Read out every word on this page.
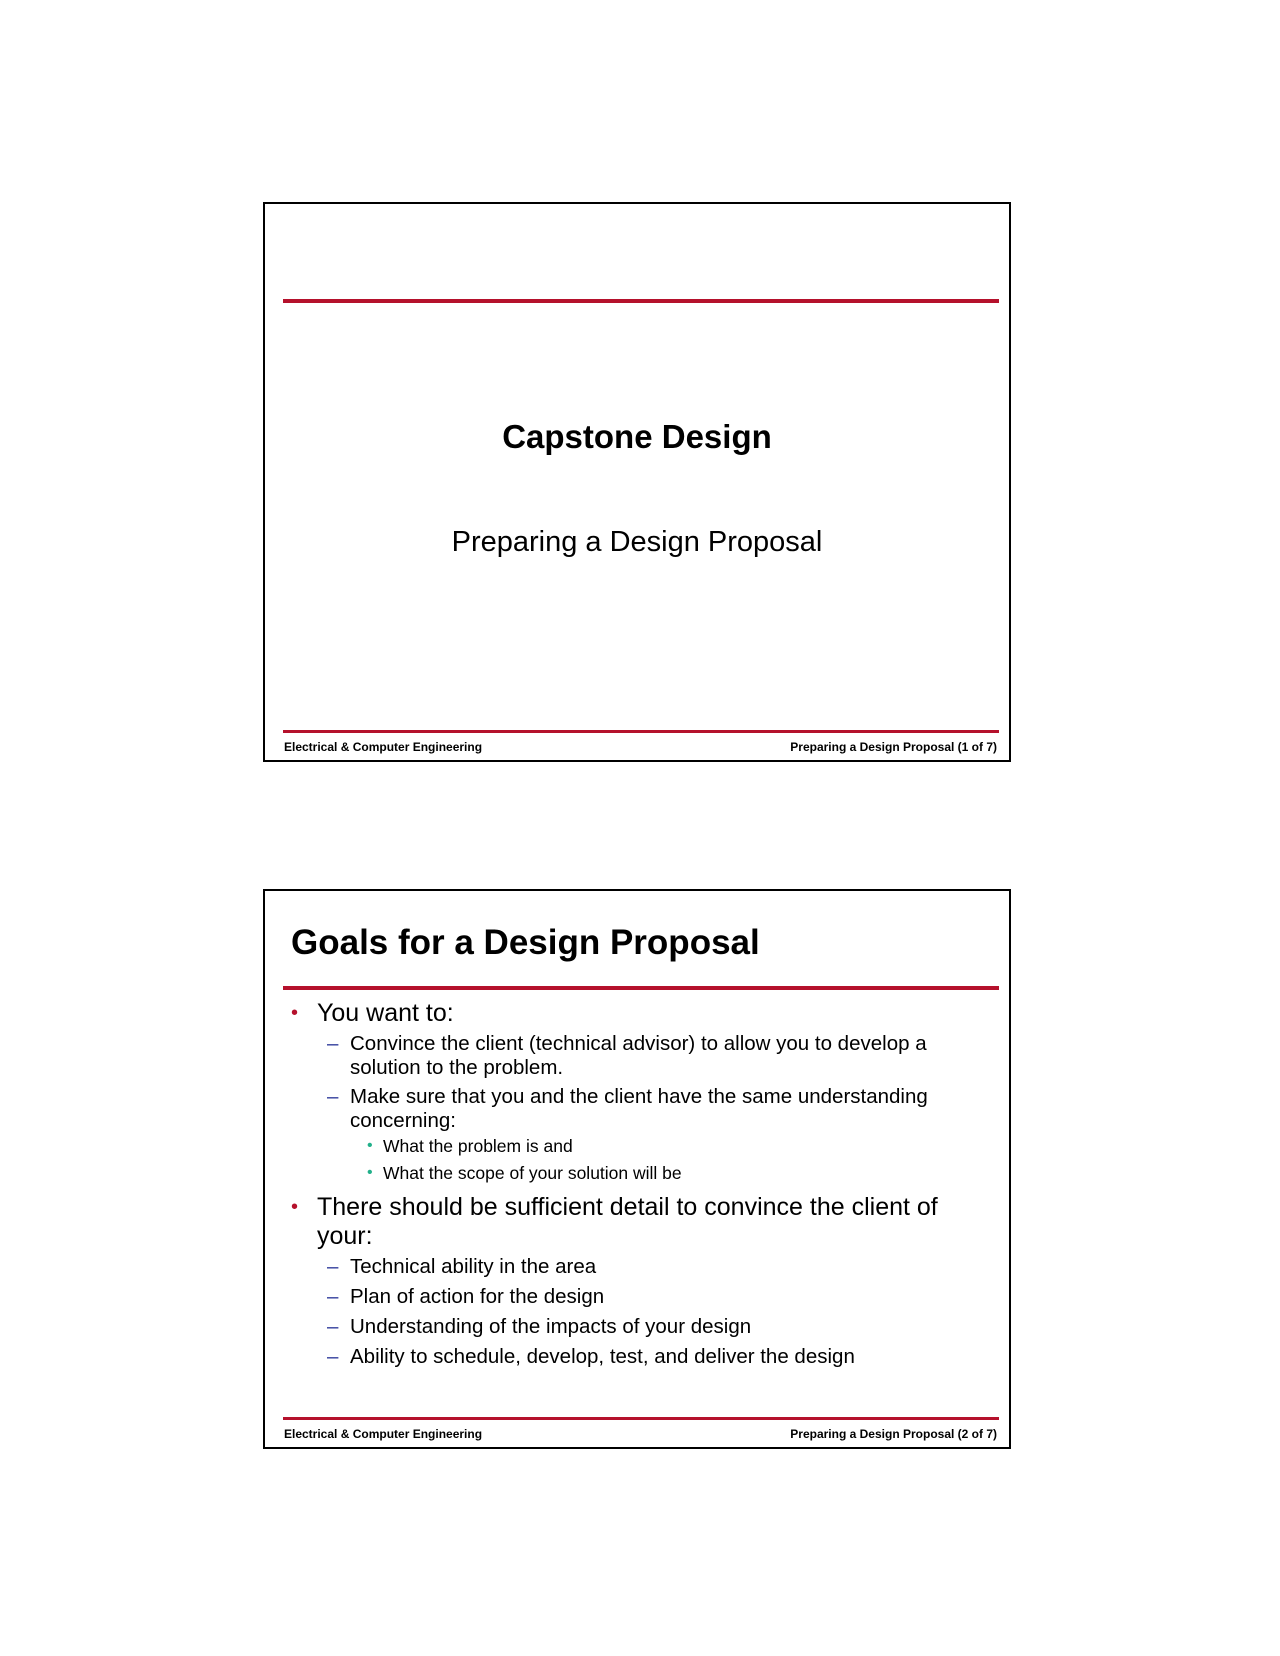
Capstone Design
Preparing a Design Proposal
Electrical & Computer Engineering	Preparing a Design Proposal (1 of 7)
Goals for a Design Proposal
• You want to:
– Convince the client (technical advisor) to allow you to develop a
solution to the problem.
– Make sure that you and the client have the same understanding
concerning:
• What the problem is and
• What the scope of your solution will be
• There should be sufficient detail to convince the client of
your:
– Technical ability in the area
– Plan of action for the design
– Understanding of the impacts of your design
– Ability to schedule, develop, test, and deliver the design
Electrical & Computer Engineering	Preparing a Design Proposal (2 of 7)
